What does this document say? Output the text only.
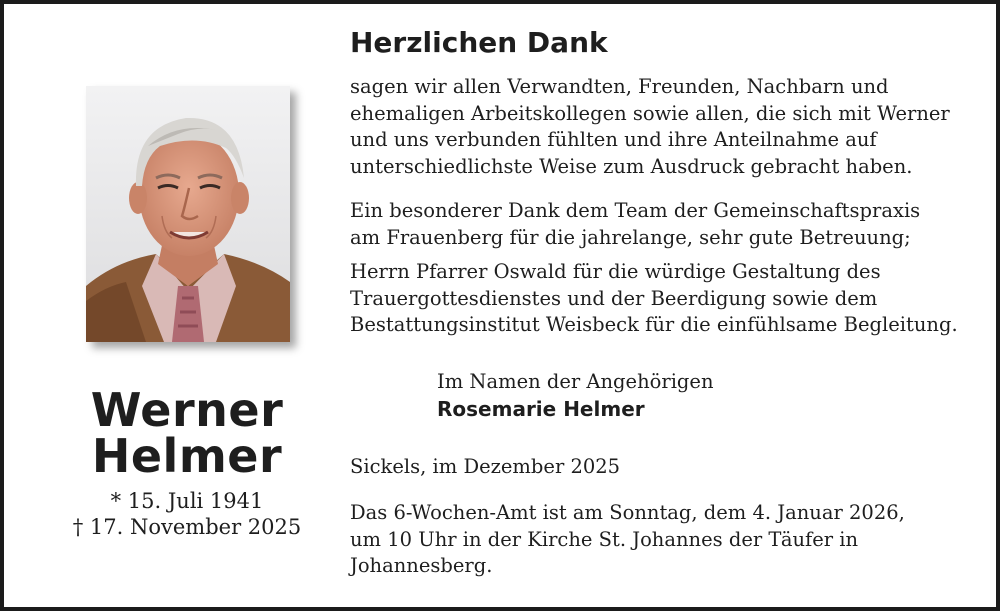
Werner
Helmer
* 15. Juli 1941
† 17. November 2025
Herzlichen Dank
sagen wir allen Verwandten, Freunden, Nachbarn und
ehemaligen Arbeitskollegen sowie allen, die sich mit Werner
und uns verbunden fühlten und ihre Anteilnahme auf
unterschiedlichste Weise zum Ausdruck gebracht haben.
Ein besonderer Dank dem Team der Gemeinschaftspraxis
am Frauenberg für die jahrelange, sehr gute Betreuung;
Herrn Pfarrer Oswald für die würdige Gestaltung des
Trauergottesdienstes und der Beerdigung sowie dem
Bestattungsinstitut Weisbeck für die einfühlsame Begleitung.
Im Namen der Angehörigen
Rosemarie Helmer
Sickels, im Dezember 2025
Das 6-Wochen-Amt ist am Sonntag, dem 4. Januar 2026,
um 10 Uhr in der Kirche St. Johannes der Täufer in
Johannesberg.
